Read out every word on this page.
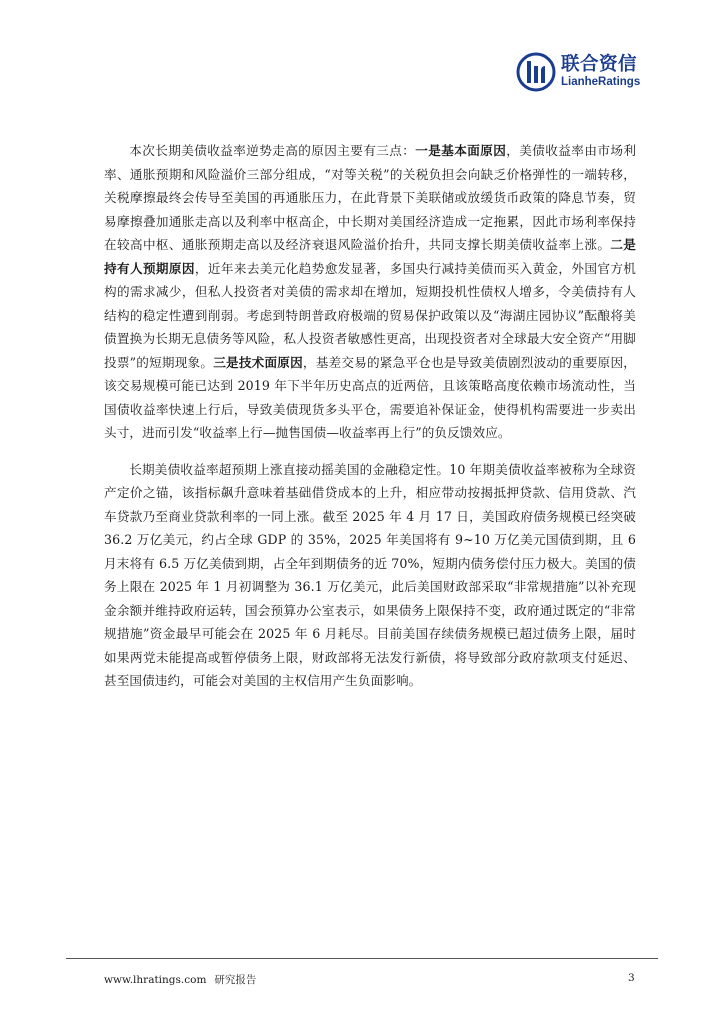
联合资信
LianheRatings

本次长期美债收益率逆势走高的原因主要有三点：一是基本面原因，美债收益率由市场利率、通胀预期和风险溢价三部分组成，“对等关税”的关税负担会向缺乏价格弹性的一端转移，关税摩擦最终会传导至美国的再通胀压力，在此背景下美联储或放缓货币政策的降息节奏，贸易摩擦叠加通胀走高以及利率中枢高企，中长期对美国经济造成一定拖累，因此市场利率保持在较高中枢、通胀预期走高以及经济衰退风险溢价抬升，共同支撑长期美债收益率上涨。二是持有人预期原因，近年来去美元化趋势愈发显著，多国央行减持美债而买入黄金，外国官方机构的需求减少，但私人投资者对美债的需求却在增加，短期投机性债权人增多，令美债持有人结构的稳定性遭到削弱。考虑到特朗普政府极端的贸易保护政策以及“海湖庄园协议”酝酿将美债置换为长期无息债务等风险，私人投资者敏感性更高，出现投资者对全球最大安全资产“用脚投票”的短期现象。三是技术面原因，基差交易的紧急平仓也是导致美债剧烈波动的重要原因，该交易规模可能已达到 2019 年下半年历史高点的近两倍，且该策略高度依赖市场流动性，当国债收益率快速上行后，导致美债现货多头平仓，需要追补保证金，使得机构需要进一步卖出头寸，进而引发“收益率上行—抛售国债—收益率再上行”的负反馈效应。

长期美债收益率超预期上涨直接动摇美国的金融稳定性。10 年期美债收益率被称为全球资产定价之锚，该指标飙升意味着基础借贷成本的上升，相应带动按揭抵押贷款、信用贷款、汽车贷款乃至商业贷款利率的一同上涨。截至 2025 年 4 月 17 日，美国政府债务规模已经突破 36.2 万亿美元，约占全球 GDP 的 35%，2025 年美国将有 9~10 万亿美元国债到期，且 6 月末将有 6.5 万亿美债到期，占全年到期债务的近 70%，短期内债务偿付压力极大。美国的债务上限在 2025 年 1 月初调整为 36.1 万亿美元，此后美国财政部采取“非常规措施”以补充现金余额并维持政府运转，国会预算办公室表示，如果债务上限保持不变，政府通过既定的“非常规措施”资金最早可能会在 2025 年 6 月耗尽。目前美国存续债务规模已超过债务上限，届时如果两党未能提高或暂停债务上限，财政部将无法发行新债，将导致部分政府款项支付延迟、甚至国债违约，可能会对美国的主权信用产生负面影响。

www.lhratings.com 研究报告	3
